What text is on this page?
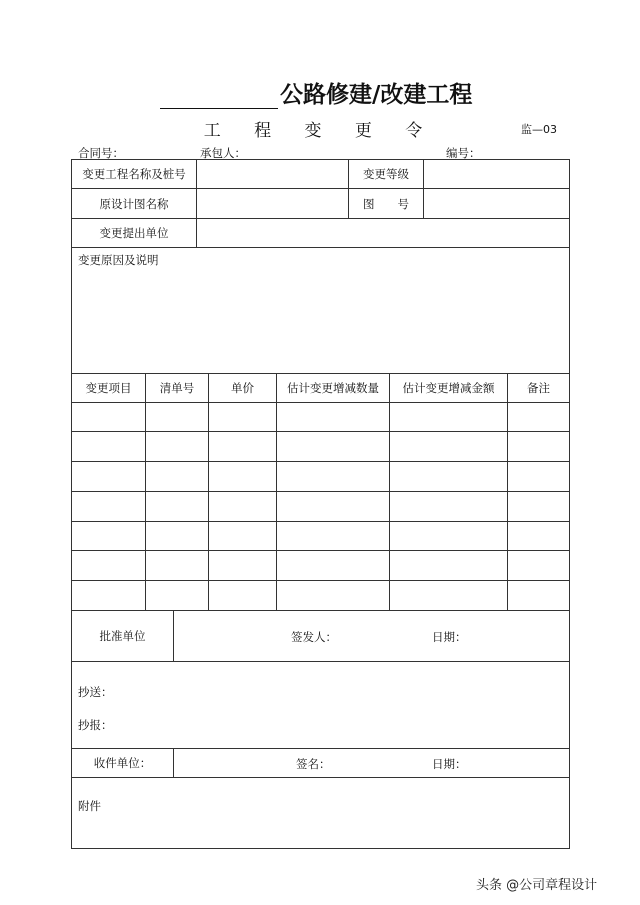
公路修建/改建工程
工 程 变 更 令	监—03
合同号：	承包人：	编号：
变更工程名称及桩号		变更等级	
原设计图名称		图　　号	
变更提出单位			
变更原因及说明			
变更项目	清单号	单价	估计变更增减数量	估计变更增减金额	备注

批准单位	签发人： 日期：

抄送：
抄报：	

收件单位：	签名： 日期：

附件	
头条 @公司章程设计
